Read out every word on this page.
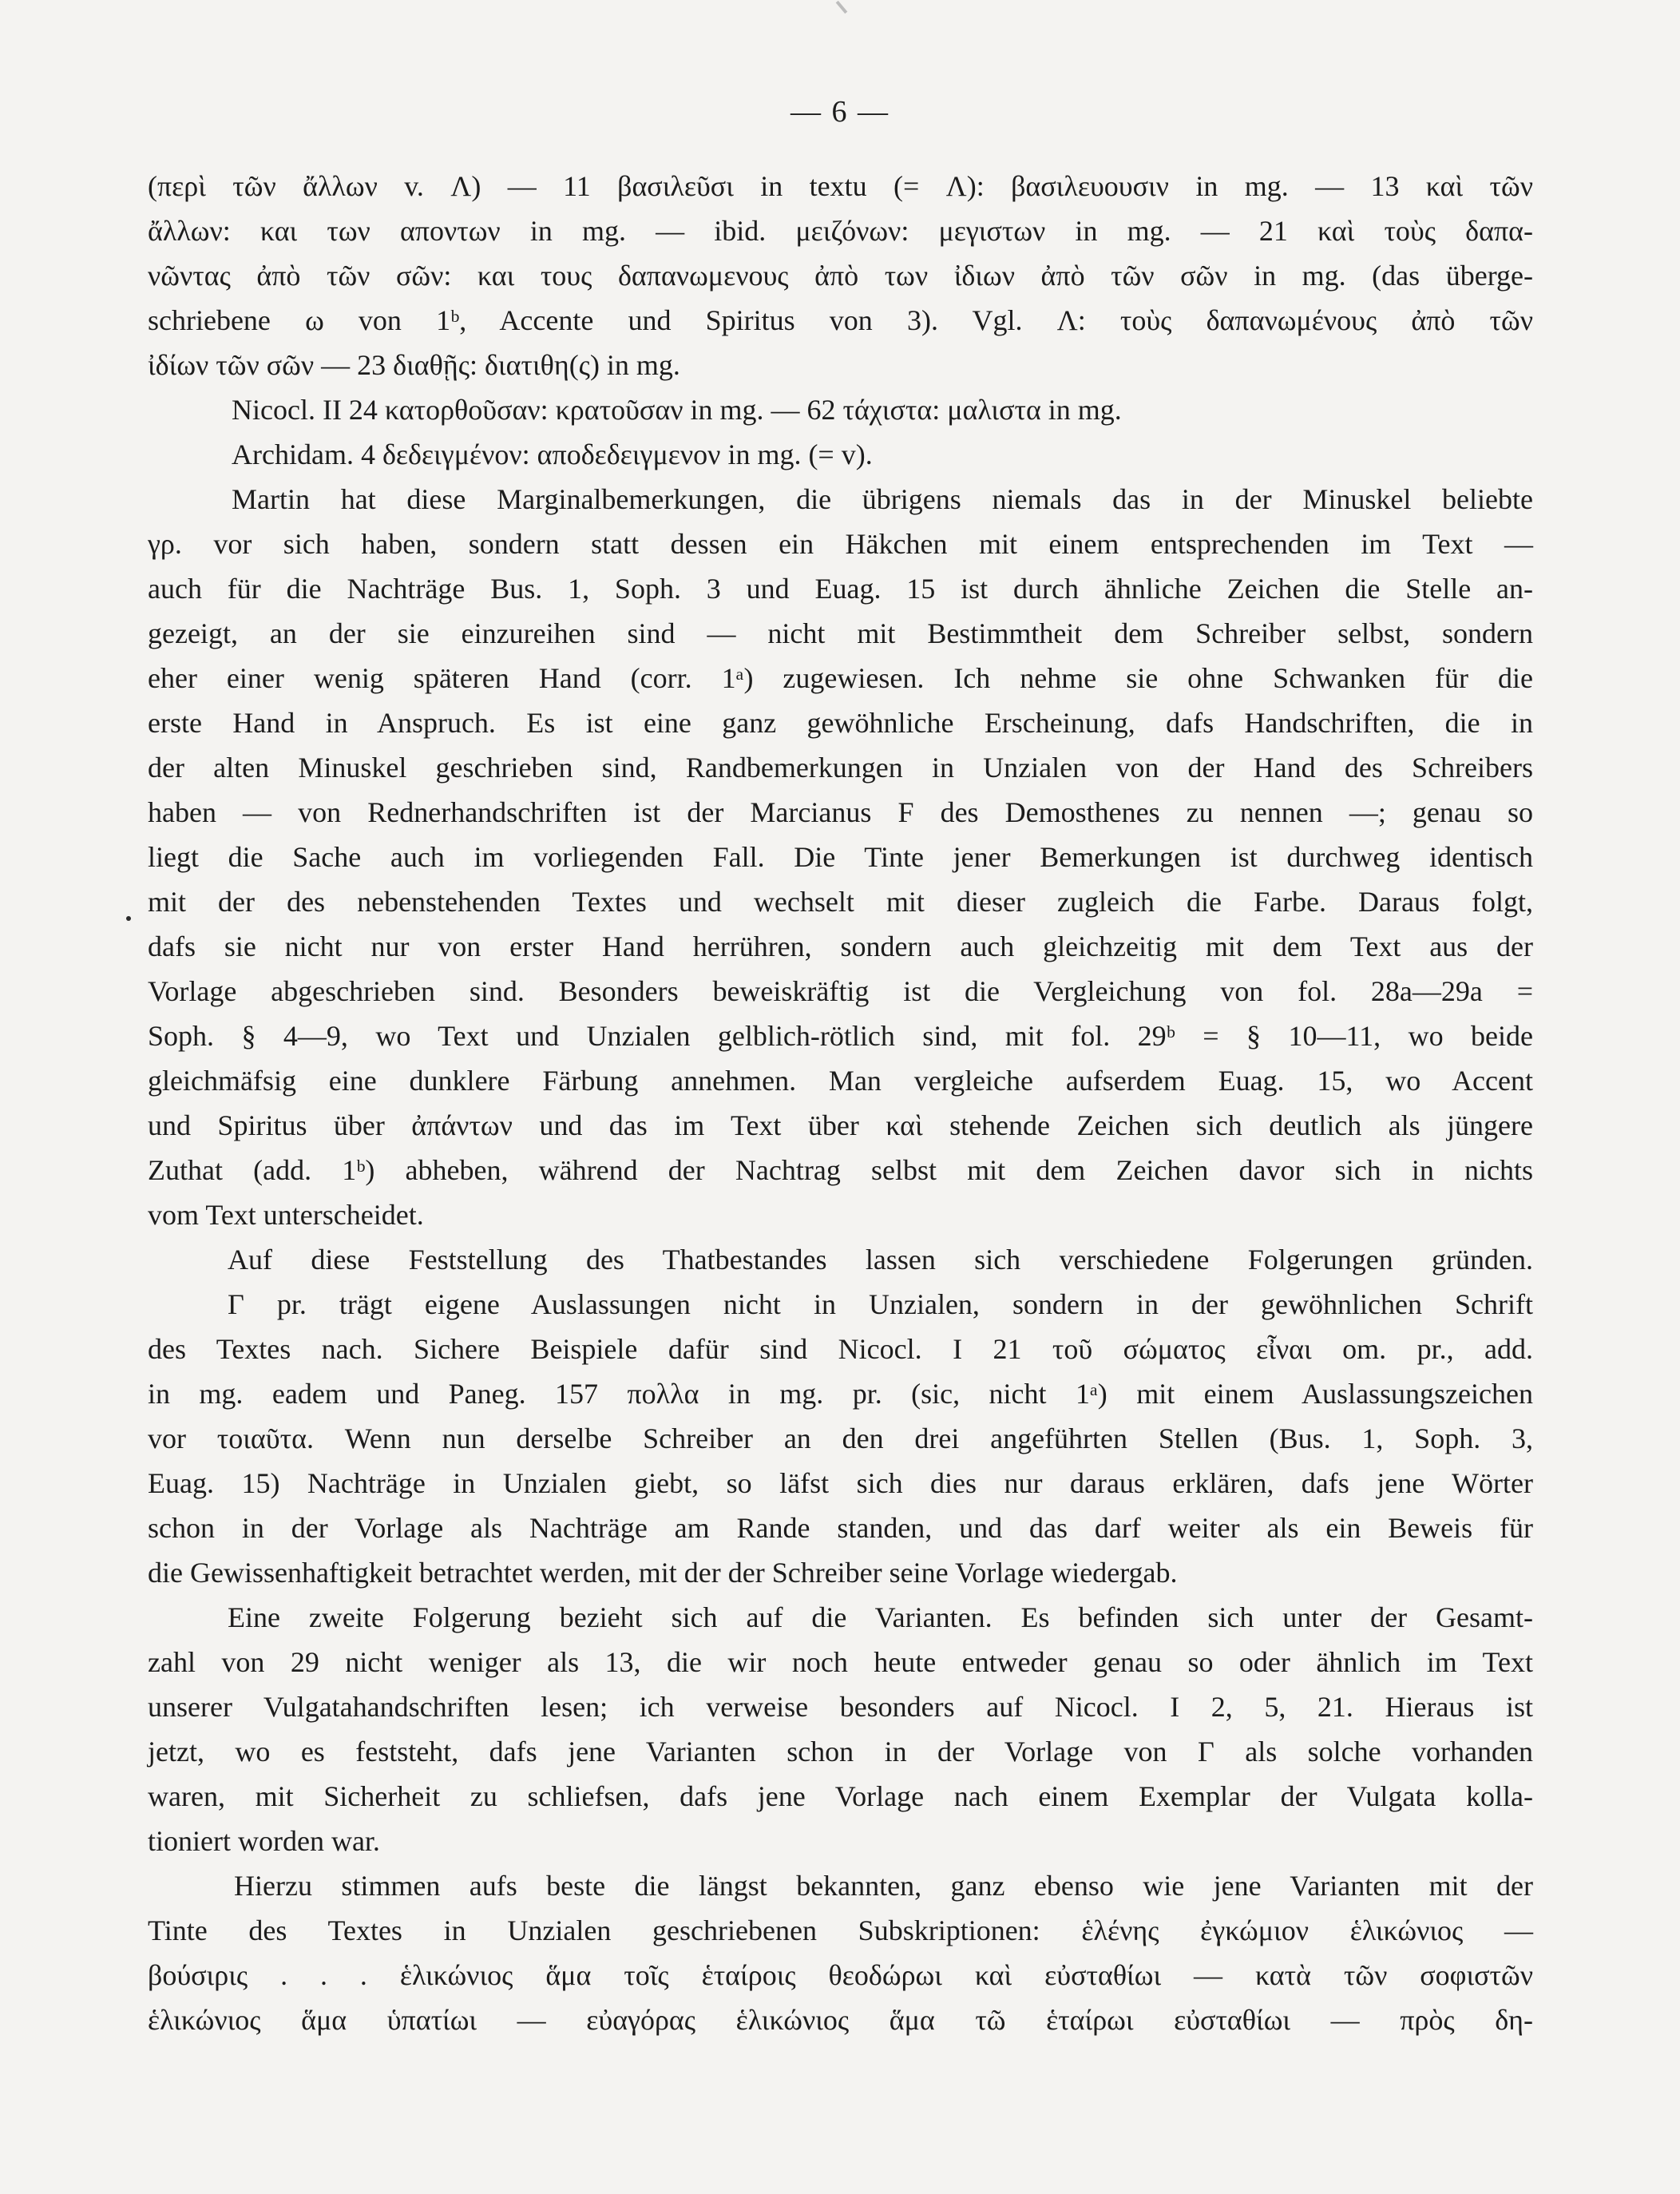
— 6 —
(περὶ τῶν ἄλλων v. Λ) — 11 βασιλεῦσι in textu (= Λ): βασιλευουσιν in mg. — 13 καὶ τῶν
ἄλλων: και των απoντων in mg. — ibid. μειζόνων: μεγιστων in mg. — 21 καὶ τοὺς δαπα-
νῶντας ἀπὸ τῶν σῶν: και τους δαπανωμενους ἀπὸ των ἰδιων ἀπὸ τῶν σῶν in mg. (das überge-
schriebene ω von 1ᵇ, Accente und Spiritus von 3). Vgl. Λ: τοὺς δαπανωμένους ἀπὸ τῶν
ἰδίων τῶν σῶν — 23 διαθῇς: διατιθη(ς) in mg.
Nicocl. II 24 κατορθοῦσαν: κρατοῦσαν in mg. — 62 τάχιστα: μαλιστα in mg.
Archidam. 4 δεδειγμένον: αποδεδειγμενον in mg. (= v).
Martin hat diese Marginalbemerkungen, die übrigens niemals das in der Minuskel beliebte
γρ. vor sich haben, sondern statt dessen ein Häkchen mit einem entsprechenden im Text —
auch für die Nachträge Bus. 1, Soph. 3 und Euag. 15 ist durch ähnliche Zeichen die Stelle an-
gezeigt, an der sie einzureihen sind — nicht mit Bestimmtheit dem Schreiber selbst, sondern
eher einer wenig späteren Hand (corr. 1ᵃ) zugewiesen. Ich nehme sie ohne Schwanken für die
erste Hand in Anspruch. Es ist eine ganz gewöhnliche Erscheinung, dafs Handschriften, die in
der alten Minuskel geschrieben sind, Randbemerkungen in Unzialen von der Hand des Schreibers
haben — von Rednerhandschriften ist der Marcianus F des Demosthenes zu nennen —; genau so
liegt die Sache auch im vorliegenden Fall. Die Tinte jener Bemerkungen ist durchweg identisch
mit der des nebenstehenden Textes und wechselt mit dieser zugleich die Farbe. Daraus folgt,
dafs sie nicht nur von erster Hand herrühren, sondern auch gleichzeitig mit dem Text aus der
Vorlage abgeschrieben sind. Besonders beweiskräftig ist die Vergleichung von fol. 28a—29a =
Soph. § 4—9, wo Text und Unzialen gelblich-rötlich sind, mit fol. 29ᵇ = § 10—11, wo beide
gleichmäfsig eine dunklere Färbung annehmen. Man vergleiche aufserdem Euag. 15, wo Accent
und Spiritus über ἀπάντων und das im Text über καὶ stehende Zeichen sich deutlich als jüngere
Zuthat (add. 1ᵇ) abheben, während der Nachtrag selbst mit dem Zeichen davor sich in nichts
vom Text unterscheidet.
Auf diese Feststellung des Thatbestandes lassen sich verschiedene Folgerungen gründen.
Γ pr. trägt eigene Auslassungen nicht in Unzialen, sondern in der gewöhnlichen Schrift
des Textes nach. Sichere Beispiele dafür sind Nicocl. I 21 τοῦ σώματος εἶναι om. pr., add.
in mg. eadem und Paneg. 157 πολλα in mg. pr. (sic, nicht 1ᵃ) mit einem Auslassungszeichen
vor τοιαῦτα. Wenn nun derselbe Schreiber an den drei angeführten Stellen (Bus. 1, Soph. 3,
Euag. 15) Nachträge in Unzialen giebt, so läfst sich dies nur daraus erklären, dafs jene Wörter
schon in der Vorlage als Nachträge am Rande standen, und das darf weiter als ein Beweis für
die Gewissenhaftigkeit betrachtet werden, mit der der Schreiber seine Vorlage wiedergab.
Eine zweite Folgerung bezieht sich auf die Varianten. Es befinden sich unter der Gesamt-
zahl von 29 nicht weniger als 13, die wir noch heute entweder genau so oder ähnlich im Text
unserer Vulgatahandschriften lesen; ich verweise besonders auf Nicocl. I 2, 5, 21. Hieraus ist
jetzt, wo es feststeht, dafs jene Varianten schon in der Vorlage von Γ als solche vorhanden
waren, mit Sicherheit zu schliefsen, dafs jene Vorlage nach einem Exemplar der Vulgata kolla-
tioniert worden war.
Hierzu stimmen aufs beste die längst bekannten, ganz ebenso wie jene Varianten mit der
Tinte des Textes in Unzialen geschriebenen Subskriptionen: ἑλένης ἐγκώμιον ἑλικώνιος —
βούσιρις . . . ἑλικώνιος ἅμα τοῖς ἑταίροις θεοδώρωι καὶ εὐσταθίωι — κατὰ τῶν σοφιστῶν
ἑλικώνιος ἅμα ὑπατίωι — εὐαγόρας ἑλικώνιος ἅμα τῶ ἑταίρωι εὐσταθίωι — πρὸς δη-
